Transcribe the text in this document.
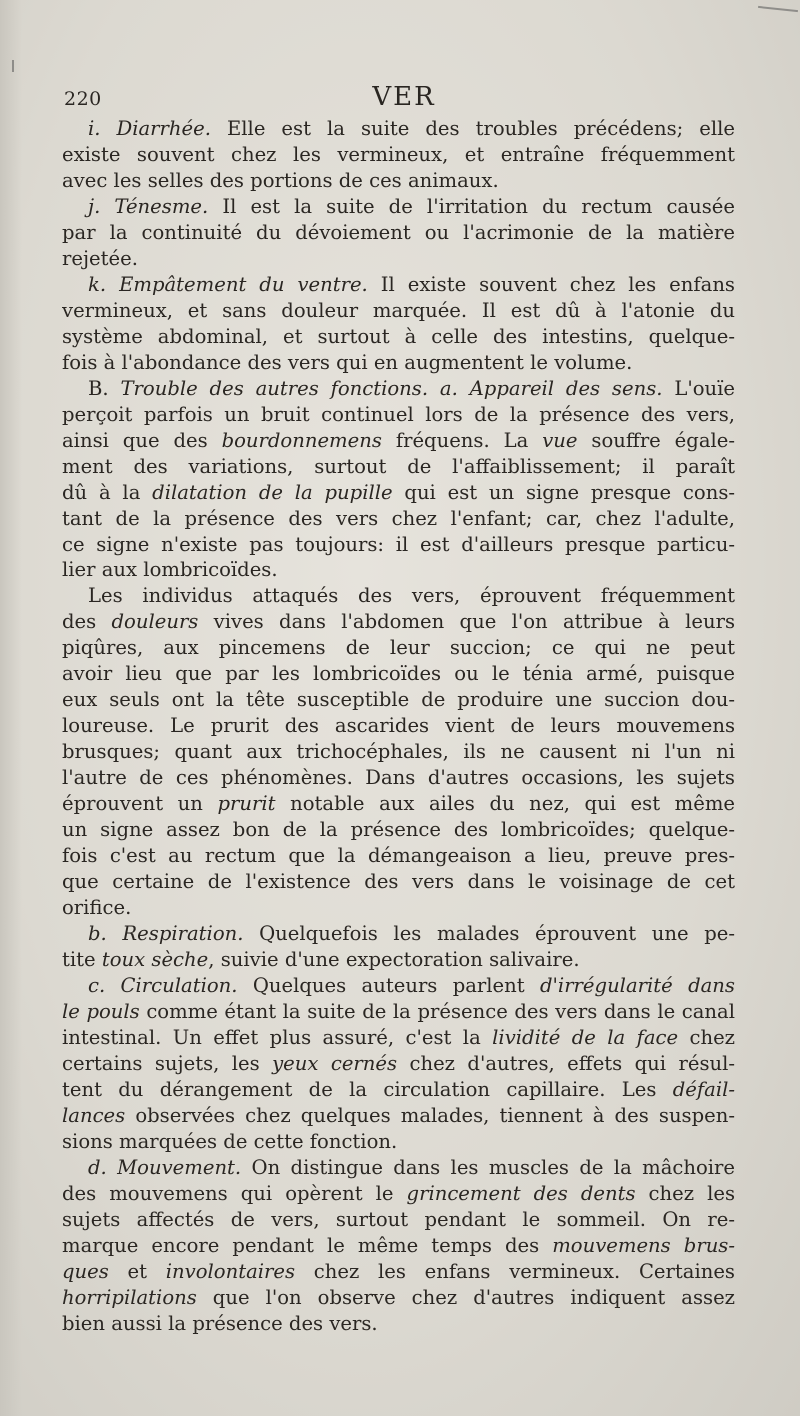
220	VER
i. Diarrhée. Elle est la suite des troubles précédens; elle
existe souvent chez les vermineux, et entraîne fréquemment
avec les selles des portions de ces animaux.
j. Ténesme. Il est la suite de l'irritation du rectum causée
par la continuité du dévoiement ou l'acrimonie de la matière
rejetée.
k. Empâtement du ventre. Il existe souvent chez les enfans
vermineux, et sans douleur marquée. Il est dû à l'atonie du
système abdominal, et surtout à celle des intestins, quelque-
fois à l'abondance des vers qui en augmentent le volume.
B. Trouble des autres fonctions. a. Appareil des sens. L'ouïe
perçoit parfois un bruit continuel lors de la présence des vers,
ainsi que des bourdonnemens fréquens. La vue souffre égale-
ment des variations, surtout de l'affaiblissement; il paraît
dû à la dilatation de la pupille qui est un signe presque cons-
tant de la présence des vers chez l'enfant; car, chez l'adulte,
ce signe n'existe pas toujours: il est d'ailleurs presque particu-
lier aux lombricoïdes.
Les individus attaqués des vers, éprouvent fréquemment
des douleurs vives dans l'abdomen que l'on attribue à leurs
piqûres, aux pincemens de leur succion; ce qui ne peut
avoir lieu que par les lombricoïdes ou le ténia armé, puisque
eux seuls ont la tête susceptible de produire une succion dou-
loureuse. Le prurit des ascarides vient de leurs mouvemens
brusques; quant aux trichocéphales, ils ne causent ni l'un ni
l'autre de ces phénomènes. Dans d'autres occasions, les sujets
éprouvent un prurit notable aux ailes du nez, qui est même
un signe assez bon de la présence des lombricoïdes; quelque-
fois c'est au rectum que la démangeaison a lieu, preuve pres-
que certaine de l'existence des vers dans le voisinage de cet
orifice.
b. Respiration. Quelquefois les malades éprouvent une pe-
tite toux sèche, suivie d'une expectoration salivaire.
c. Circulation. Quelques auteurs parlent d'irrégularité dans
le pouls comme étant la suite de la présence des vers dans le canal
intestinal. Un effet plus assuré, c'est la lividité de la face chez
certains sujets, les yeux cernés chez d'autres, effets qui résul-
tent du dérangement de la circulation capillaire. Les défail-
lances observées chez quelques malades, tiennent à des suspen-
sions marquées de cette fonction.
d. Mouvement. On distingue dans les muscles de la mâchoire
des mouvemens qui opèrent le grincement des dents chez les
sujets affectés de vers, surtout pendant le sommeil. On re-
marque encore pendant le même temps des mouvemens brus-
ques et involontaires chez les enfans vermineux. Certaines
horripilations que l'on observe chez d'autres indiquent assez
bien aussi la présence des vers.
